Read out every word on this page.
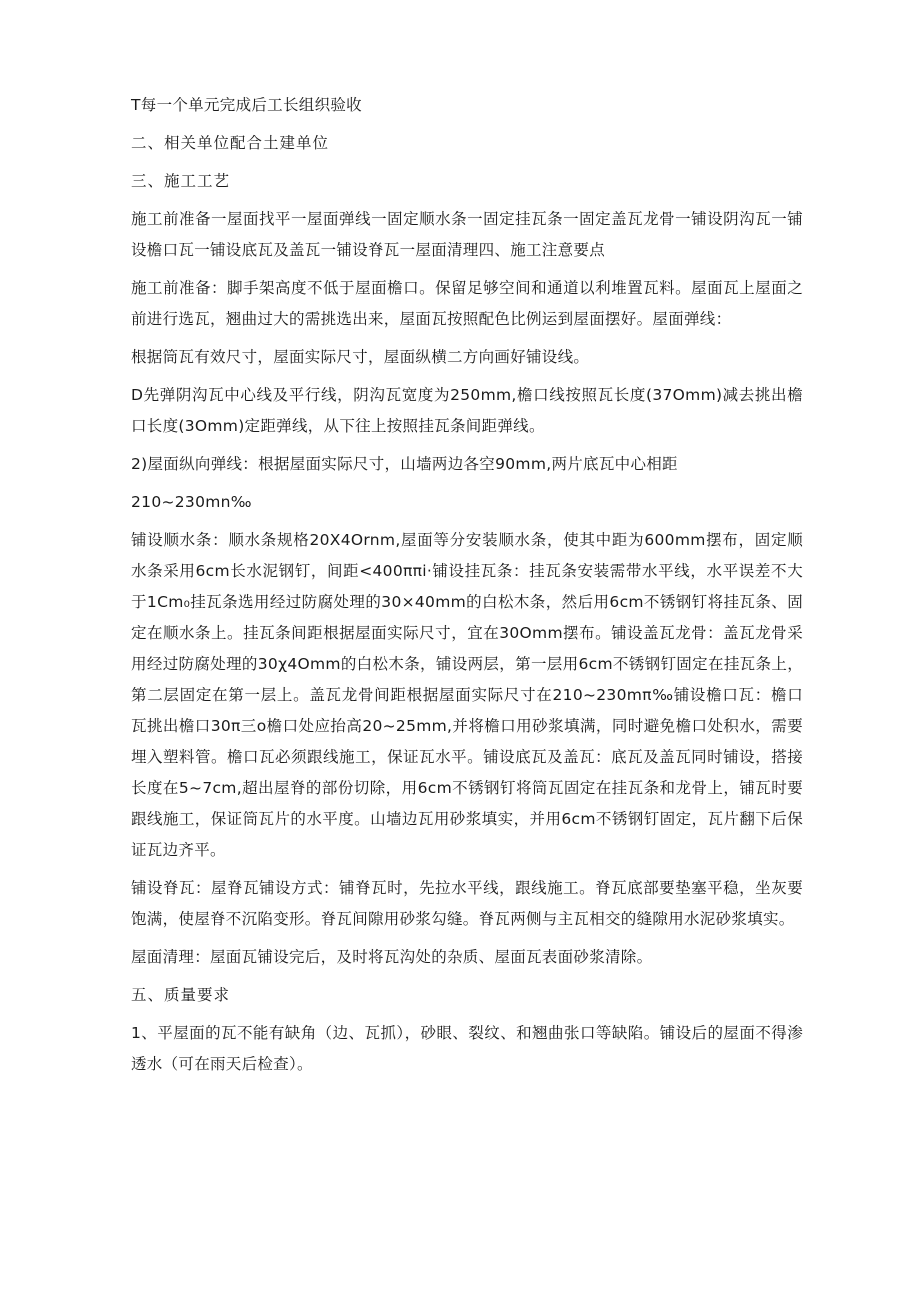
T每一个单元完成后工长组织验收

二、相关单位配合土建单位

三、施工工艺

施工前准备一屋面找平一屋面弹线一固定顺水条一固定挂瓦条一固定盖瓦龙骨一铺设阴沟瓦一铺设檐口瓦一铺设底瓦及盖瓦一铺设脊瓦一屋面清理四、施工注意要点

施工前准备：脚手架高度不低于屋面檐口。保留足够空间和通道以利堆置瓦料。屋面瓦上屋面之前进行选瓦，翘曲过大的需挑选出来，屋面瓦按照配色比例运到屋面摆好。屋面弹线：

根据筒瓦有效尺寸，屋面实际尺寸，屋面纵横二方向画好铺设线。

D先弹阴沟瓦中心线及平行线，阴沟瓦宽度为250mm,檐口线按照瓦长度(37Omm)减去挑出檐口长度(3Omm)定距弹线，从下往上按照挂瓦条间距弹线。

2)屋面纵向弹线：根据屋面实际尺寸，山墙两边各空90mm,两片底瓦中心相距

210~230mn‰

铺设顺水条：顺水条规格20X4Ornm,屋面等分安装顺水条，使其中距为600mm摆布，固定顺水条采用6cm长水泥钢钉，间距<400ππi·铺设挂瓦条：挂瓦条安装需带水平线，水平误差不大于1Cm₀挂瓦条选用经过防腐处理的30×40mm的白松木条，然后用6cm不锈钢钉将挂瓦条、固定在顺水条上。挂瓦条间距根据屋面实际尺寸，宜在30Omm摆布。铺设盖瓦龙骨：盖瓦龙骨采用经过防腐处理的30χ4Omm的白松木条，铺设两层，第一层用6cm不锈钢钉固定在挂瓦条上，第二层固定在第一层上。盖瓦龙骨间距根据屋面实际尺寸在210~230mπ‰铺设檐口瓦：檐口瓦挑出檐口30π三o檐口处应抬高20~25mm,并将檐口用砂浆填满，同时避免檐口处积水，需要埋入塑料管。檐口瓦必须跟线施工，保证瓦水平。铺设底瓦及盖瓦：底瓦及盖瓦同时铺设，搭接长度在5~7cm,超出屋脊的部份切除，用6cm不锈钢钉将筒瓦固定在挂瓦条和龙骨上，铺瓦时要跟线施工，保证筒瓦片的水平度。山墙边瓦用砂浆填实，并用6cm不锈钢钉固定，瓦片翻下后保证瓦边齐平。

铺设脊瓦：屋脊瓦铺设方式：铺脊瓦时，先拉水平线，跟线施工。脊瓦底部要垫塞平稳，坐灰要饱满，使屋脊不沉陷变形。脊瓦间隙用砂浆勾缝。脊瓦两侧与主瓦相交的缝隙用水泥砂浆填实。

屋面清理：屋面瓦铺设完后，及时将瓦沟处的杂质、屋面瓦表面砂浆清除。

五、质量要求

1、平屋面的瓦不能有缺角（边、瓦抓），砂眼、裂纹、和翘曲张口等缺陷。铺设后的屋面不得渗透水（可在雨天后检查）。
